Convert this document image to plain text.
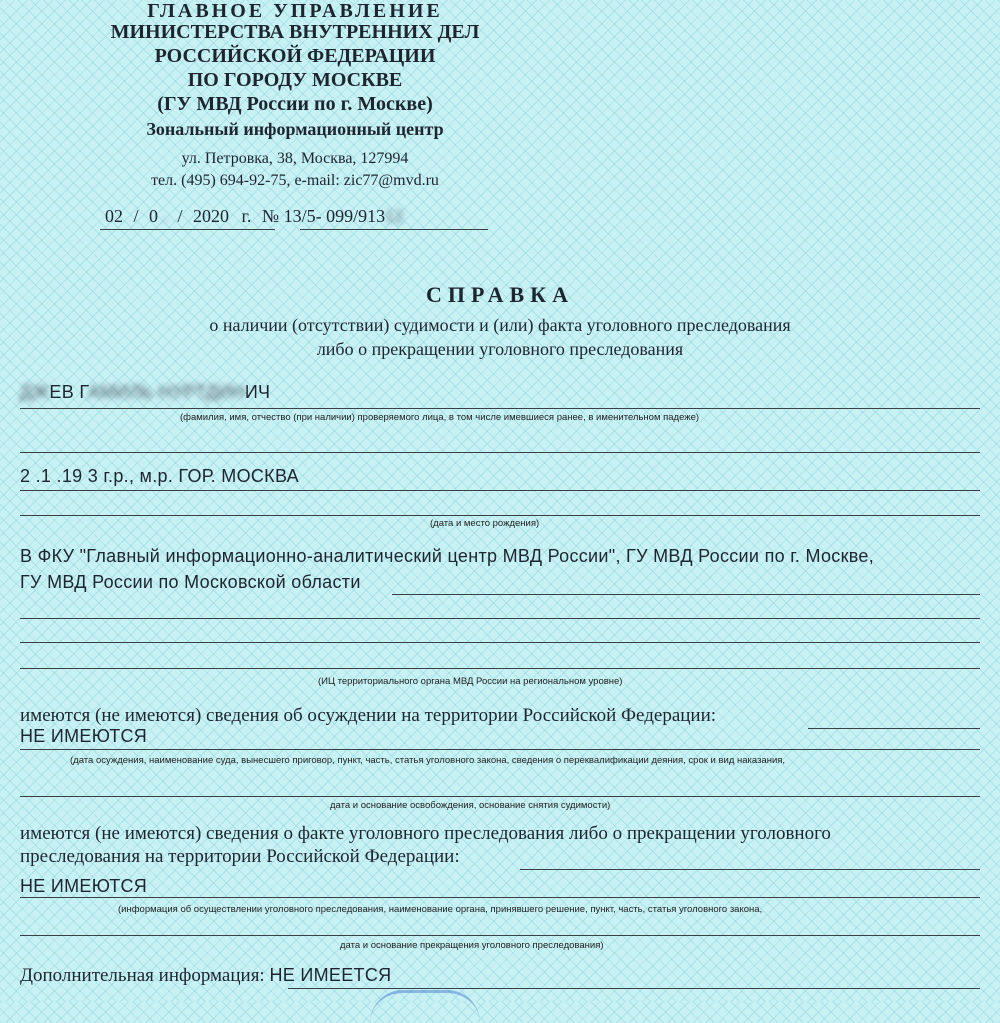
ГЛАВНОЕ УПРАВЛЕНИЕ
МИНИСТЕРСТВА ВНУТРЕННИХ ДЕЛ
РОССИЙСКОЙ ФЕДЕРАЦИИ
ПО ГОРОДУ МОСКВЕ
(ГУ МВД России по г. Москве)
Зональный информационный центр
ул. Петровка, 38, Москва, 127994
тел. (495) 694-92-75, e-mail: zic77@mvd.ru
02 / 0 . / 2020 г. № 13/5- 099/91312
СПРАВКА
о наличии (отсутствии) судимости и (или) факта уголовного преследования
либо о прекращении уголовного преследования
ДЖЕВ ГАМИЛЬ НУРТДИНИЧ
(фамилия, имя, отчество (при наличии) проверяемого лица, в том числе имевшиеся ранее, в именительном падеже)
2 .1 .19 3 г.р., м.р. ГОР. МОСКВА
(дата и место рождения)
В ФКУ "Главный информационно-аналитический центр МВД России", ГУ МВД России по г. Москве,
ГУ МВД России по Московской области
(ИЦ территориального органа МВД России на региональном уровне)
имеются (не имеются) сведения об осуждении на территории Российской Федерации:
НЕ ИМЕЮТСЯ
(дата осуждения, наименование суда, вынесшего приговор, пункт, часть, статья уголовного закона, сведения о переквалификации деяния, срок и вид наказания,
дата и основание освобождения, основание снятия судимости)
имеются (не имеются) сведения о факте уголовного преследования либо о прекращении уголовного
преследования на территории Российской Федерации:
НЕ ИМЕЮТСЯ
(информация об осуществлении уголовного преследования, наименование органа, принявшего решение, пункт, часть, статья уголовного закона,
дата и основание прекращения уголовного преследования)
Дополнительная информация: НЕ ИМЕЕТСЯ
